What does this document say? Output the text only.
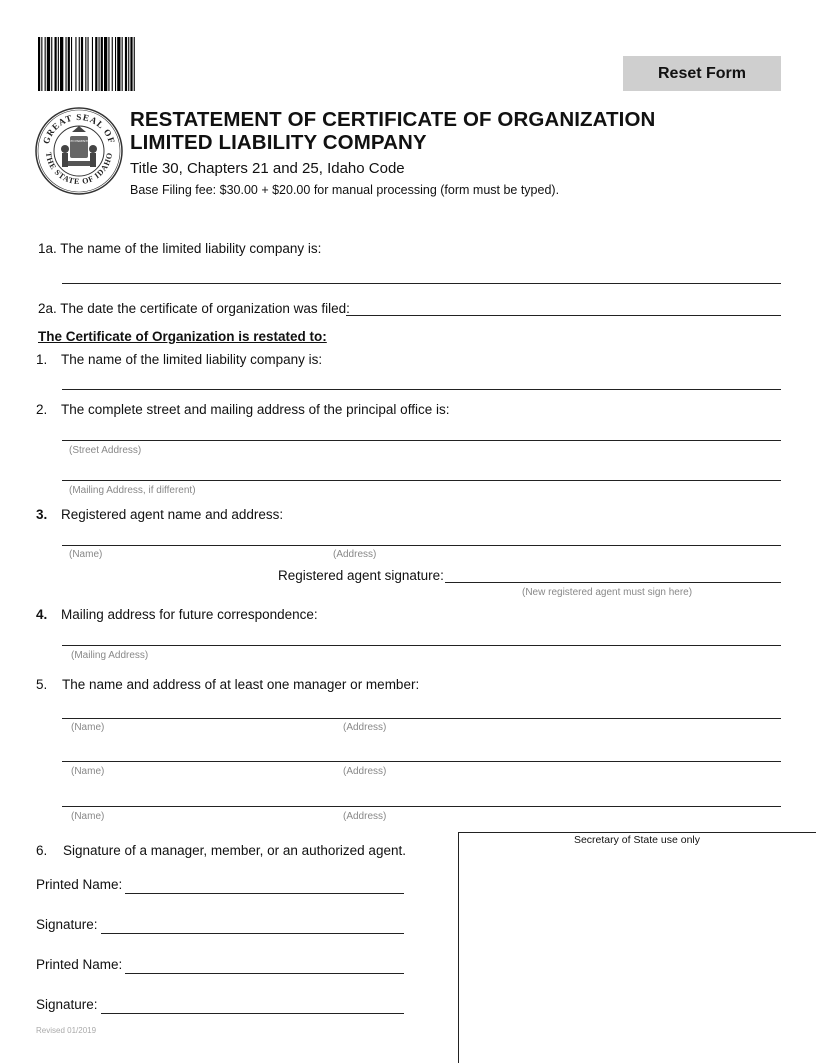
Reset Form
GREAT SEAL OF
THE STATE OF IDAHO
ESTO PERPETUA
RESTATEMENT OF CERTIFICATE OF ORGANIZATION
LIMITED LIABILITY COMPANY
Title 30, Chapters 21 and 25, Idaho Code
Base Filing fee: $30.00 + $20.00 for manual processing (form must be typed).
1a. The name of the limited liability company is:
2a. The date the certificate of organization was filed:
The Certificate of Organization is restated to:
1. The name of the limited liability company is:
2. The complete street and mailing address of the principal office is:
(Street Address)
(Mailing Address, if different)
3. Registered agent name and address:
(Name)	(Address)
Registered agent signature:
(New registered agent must sign here)
4. Mailing address for future correspondence:
(Mailing Address)
5. The name and address of at least one manager or member:
(Name)	(Address)
(Name)	(Address)
(Name)	(Address)
Secretary of State use only
6. Signature of a manager, member, or an authorized agent.
Printed Name:
Signature:
Printed Name:
Signature:
Revised 01/2019
